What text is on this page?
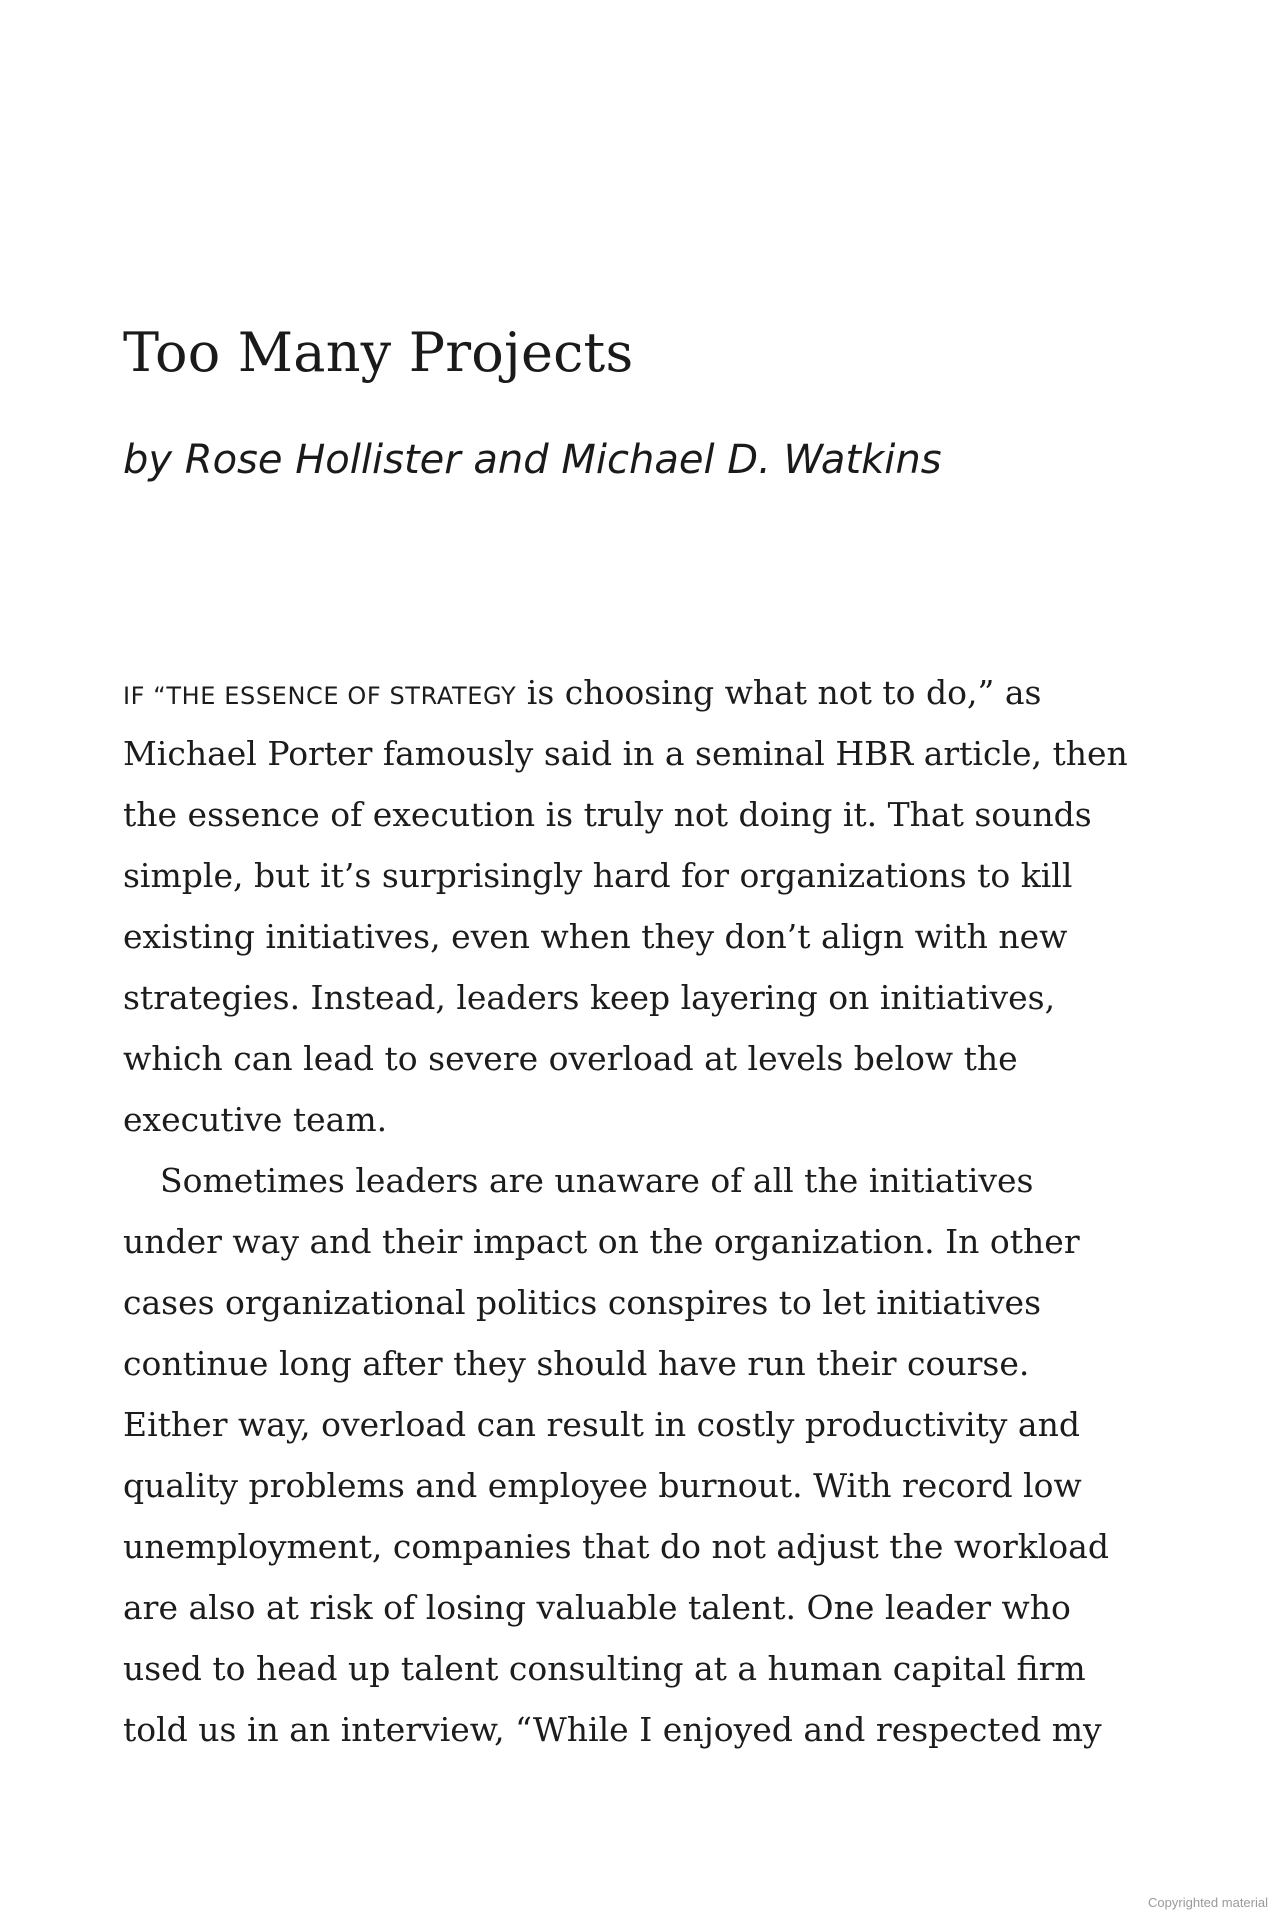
Too Many Projects
by Rose Hollister and Michael D. Watkins
IF “THE ESSENCE OF STRATEGY is choosing what not to do,” as
Michael Porter famously said in a seminal HBR article, then
the essence of execution is truly not doing it. That sounds
simple, but it’s surprisingly hard for organizations to kill
existing initiatives, even when they don’t align with new
strategies. Instead, leaders keep layering on initiatives,
which can lead to severe overload at levels below the
executive team.
Sometimes leaders are unaware of all the initiatives
under way and their impact on the organization. In other
cases organizational politics conspires to let initiatives
continue long after they should have run their course.
Either way, overload can result in costly productivity and
quality problems and employee burnout. With record low
unemployment, companies that do not adjust the workload
are also at risk of losing valuable talent. One leader who
used to head up talent consulting at a human capital firm
told us in an interview, “While I enjoyed and respected my
Copyrighted material
